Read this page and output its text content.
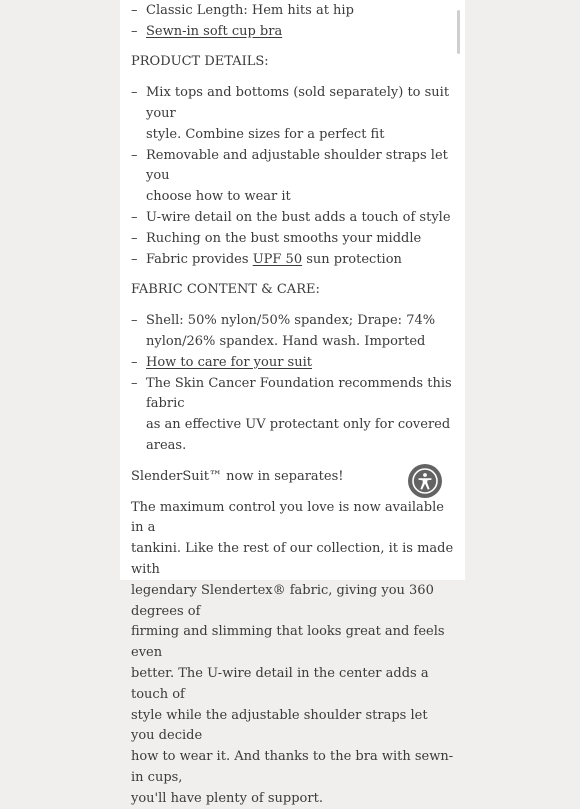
– Classic Length: Hem hits at hip
– Sewn-in soft cup bra
PRODUCT DETAILS:
– Mix tops and bottoms (sold separately) to suit your
style. Combine sizes for a perfect fit
– Removable and adjustable shoulder straps let you
choose how to wear it
– U-wire detail on the bust adds a touch of style
– Ruching on the bust smooths your middle
– Fabric provides UPF 50 sun protection
FABRIC CONTENT & CARE:
– Shell: 50% nylon/50% spandex; Drape: 74%
nylon/26% spandex. Hand wash. Imported
– How to care for your suit
– The Skin Cancer Foundation recommends this fabric
as an effective UV protectant only for covered areas.
SlenderSuit™ now in separates!
The maximum control you love is now available in a
tankini. Like the rest of our collection, it is made with
legendary Slendertex® fabric, giving you 360 degrees of
firming and slimming that looks great and feels even
better. The U-wire detail in the center adds a touch of
style while the adjustable shoulder straps let you decide
how to wear it. And thanks to the bra with sewn-in cups,
you'll have plenty of support.
